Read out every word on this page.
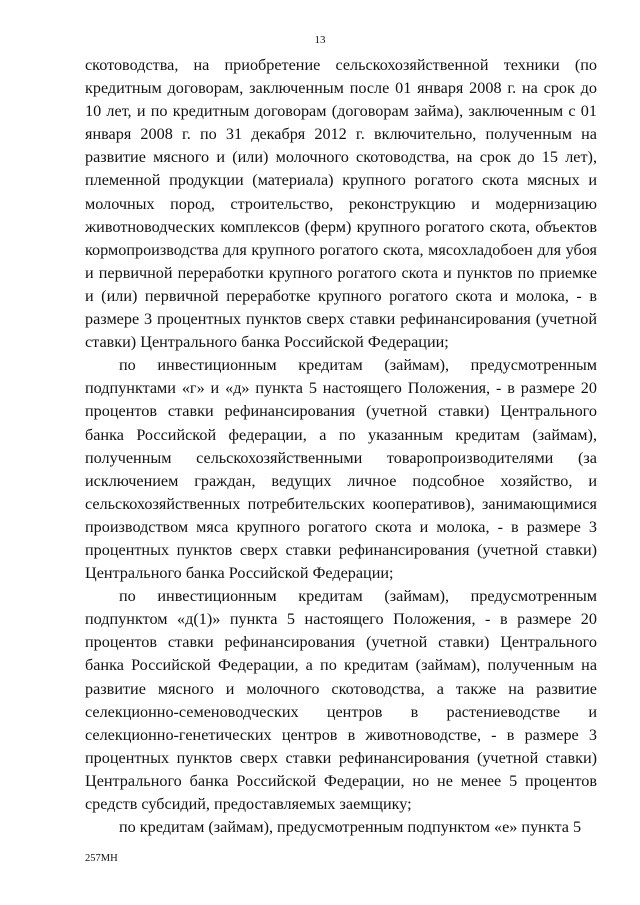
13

скотоводства, на приобретение сельскохозяйственной техники (по кредитным договорам, заключенным после 01 января 2008 г. на срок до 10 лет, и по кредитным договорам (договорам займа), заключенным с 01 января 2008 г. по 31 декабря 2012 г. включительно, полученным на развитие мясного и (или) молочного скотоводства, на срок до 15 лет), племенной продукции (материала) крупного рогатого скота мясных и молочных пород, строительство, реконструкцию и модернизацию животноводческих комплексов (ферм) крупного рогатого скота, объектов кормопроизводства для крупного рогатого скота, мясохладобоен для убоя и первичной переработки крупного рогатого скота и пунктов по приемке и (или) первичной переработке крупного рогатого скота и молока, - в размере 3 процентных пунктов сверх ставки рефинансирования (учетной ставки) Центрального банка Российской Федерации;

по инвестиционным кредитам (займам), предусмотренным подпунктами «г» и «д» пункта 5 настоящего Положения, - в размере 20 процентов ставки рефинансирования (учетной ставки) Центрального банка Российской федерации, а по указанным кредитам (займам), полученным сельскохозяйственными товаропроизводителями (за исключением граждан, ведущих личное подсобное хозяйство, и сельскохозяйственных потребительских кооперативов), занимающимися производством мяса крупного рогатого скота и молока, - в размере 3 процентных пунктов сверх ставки рефинансирования (учетной ставки) Центрального банка Российской Федерации;

по инвестиционным кредитам (займам), предусмотренным подпунктом «д(1)» пункта 5 настоящего Положения, - в размере 20 процентов ставки рефинансирования (учетной ставки) Центрального банка Российской Федерации, а по кредитам (займам), полученным на развитие мясного и молочного скотоводства, а также на развитие селекционно-семеноводческих центров в растениеводстве и селекционно-генетических центров в животноводстве, - в размере 3 процентных пунктов сверх ставки рефинансирования (учетной ставки) Центрального банка Российской Федерации, но не менее 5 процентов средств субсидий, предоставляемых заемщику;

по кредитам (займам), предусмотренным подпунктом «е» пункта 5

257МН
